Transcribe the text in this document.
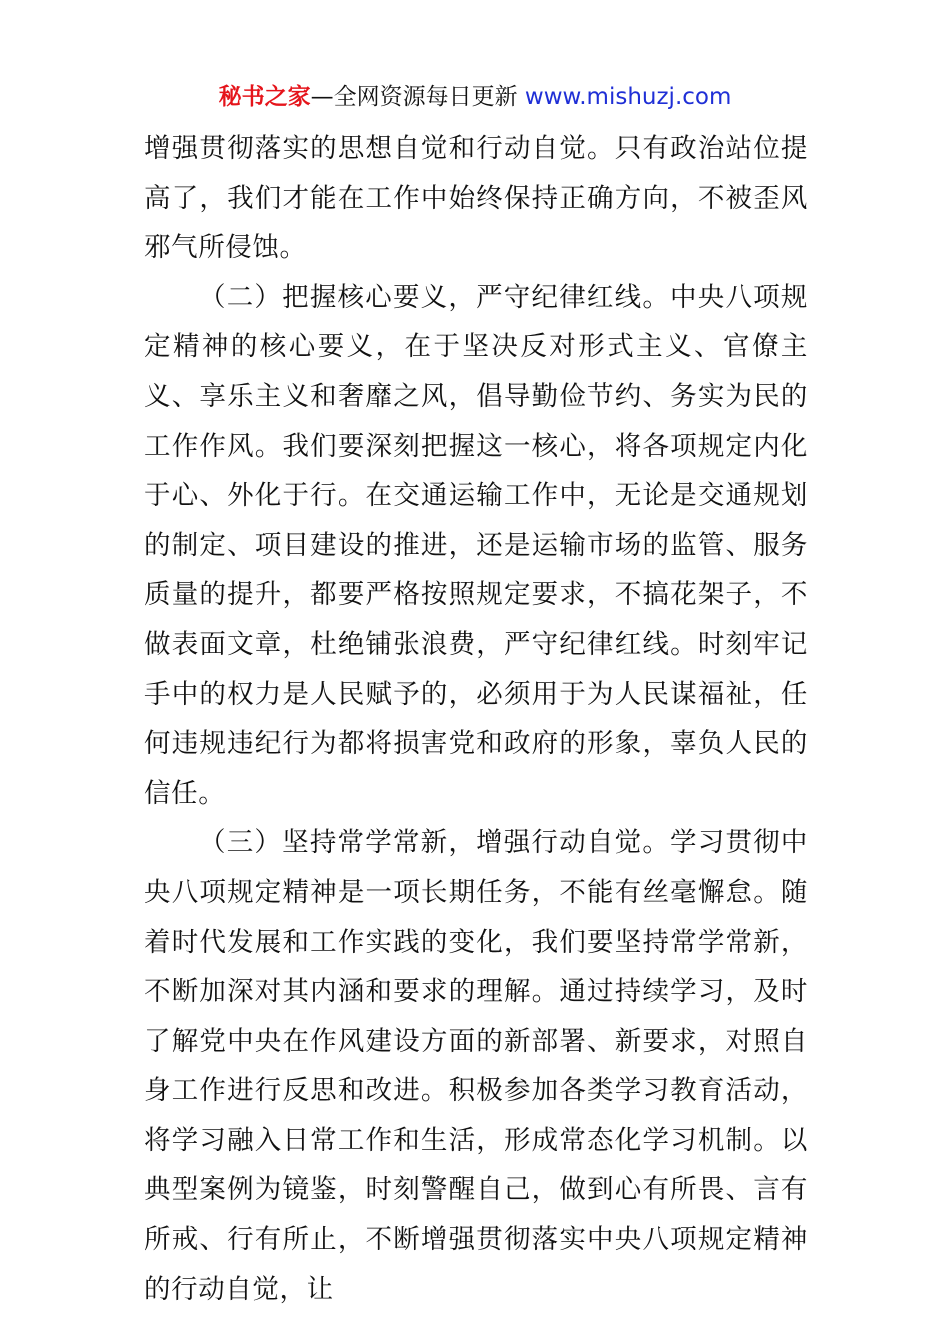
秘书之家—全网资源每日更新 www.mishuzj.com

增强贯彻落实的思想自觉和行动自觉。只有政治站位提高了，我们才能在工作中始终保持正确方向，不被歪风邪气所侵蚀。

（二）把握核心要义，严守纪律红线。中央八项规定精神的核心要义，在于坚决反对形式主义、官僚主义、享乐主义和奢靡之风，倡导勤俭节约、务实为民的工作作风。我们要深刻把握这一核心，将各项规定内化于心、外化于行。在交通运输工作中，无论是交通规划的制定、项目建设的推进，还是运输市场的监管、服务质量的提升，都要严格按照规定要求，不搞花架子，不做表面文章，杜绝铺张浪费，严守纪律红线。时刻牢记手中的权力是人民赋予的，必须用于为人民谋福祉，任何违规违纪行为都将损害党和政府的形象，辜负人民的信任。

（三）坚持常学常新，增强行动自觉。学习贯彻中央八项规定精神是一项长期任务，不能有丝毫懈怠。随着时代发展和工作实践的变化，我们要坚持常学常新，不断加深对其内涵和要求的理解。通过持续学习，及时了解党中央在作风建设方面的新部署、新要求，对照自身工作进行反思和改进。积极参加各类学习教育活动，将学习融入日常工作和生活，形成常态化学习机制。以典型案例为镜鉴，时刻警醒自己，做到心有所畏、言有所戒、行有所止，不断增强贯彻落实中央八项规定精神的行动自觉，让
